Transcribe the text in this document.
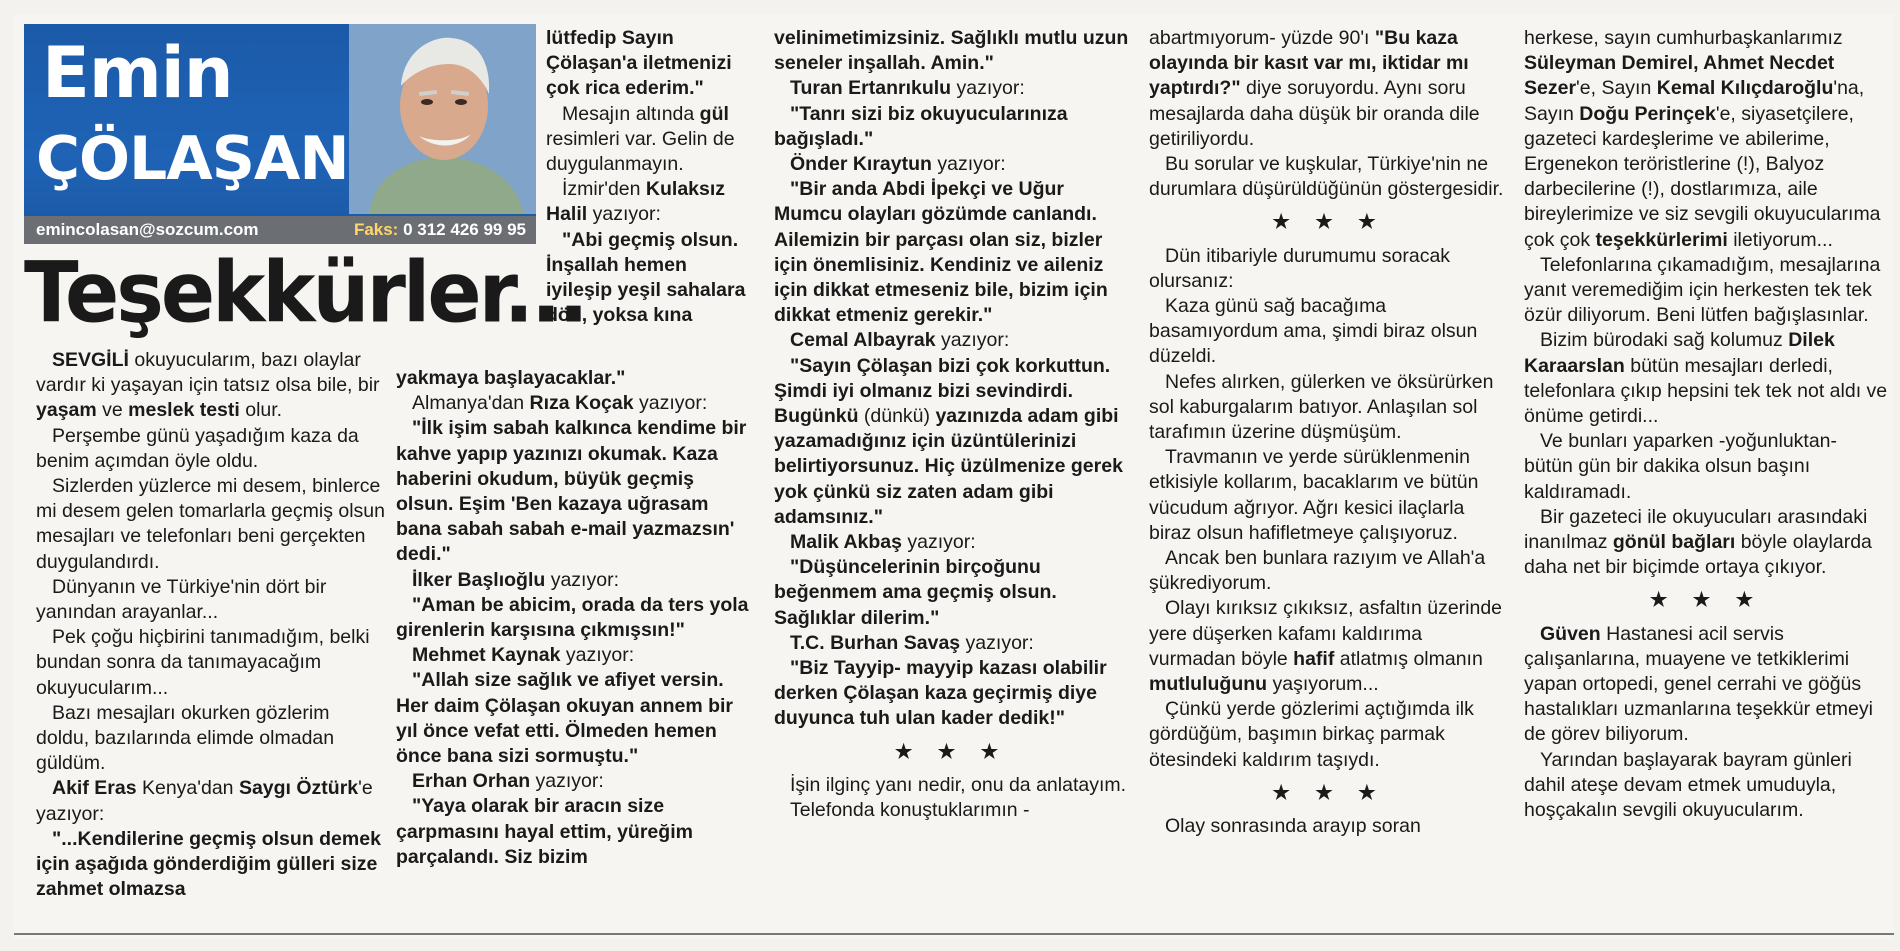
Emin
ÇÖLAŞAN
emincolasan@sozcum.com	Faks: 0 312 426 99 95
Teşekkürler...

SEVGİLİ okuyucularım, bazı olaylar vardır ki yaşayan için tatsız olsa bile, bir yaşam ve meslek testi olur.

Perşembe günü yaşadığım kaza da benim açımdan öyle oldu.

Sizlerden yüzlerce mi desem, binlerce mi desem gelen tomarlarla geçmiş olsun mesajları ve telefonları beni gerçekten duygulandırdı.

Dünyanın ve Türkiye'nin dört bir yanından arayanlar...

Pek çoğu hiçbirini tanımadığım, belki bundan sonra da tanımayacağım okuyucularım...

Bazı mesajları okurken gözlerim doldu, bazılarında elimde olmadan güldüm.

Akif Eras Kenya'dan Saygı Öztürk'e yazıyor:

"...Kendilerine geçmiş olsun demek için aşağıda gönderdiğim gülleri size zahmet olmazsa

lütfedip Sayın Çölaşan'a iletmenizi çok rica ederim."

Mesajın altında gül resimleri var. Gelin de duygulanmayın.

İzmir'den Kulaksız Halil yazıyor:

"Abi geçmiş olsun. İnşallah hemen iyileşip yeşil sahalara dön, yoksa kına

yakmaya başlayacaklar."

Almanya'dan Rıza Koçak yazıyor:

"İlk işim sabah kalkınca kendime bir kahve yapıp yazınızı okumak. Kaza haberini okudum, büyük geçmiş olsun. Eşim 'Ben kazaya uğrasam bana sabah sabah e-mail yazmazsın' dedi."

İlker Başlıoğlu yazıyor:

"Aman be abicim, orada da ters yola girenlerin karşısına çıkmışsın!"

Mehmet Kaynak yazıyor:

"Allah size sağlık ve afiyet versin. Her daim Çölaşan okuyan annem bir yıl önce vefat etti. Ölmeden hemen önce bana sizi sormuştu."

Erhan Orhan yazıyor:

"Yaya olarak bir aracın size çarpmasını hayal ettim, yüreğim parçalandı. Siz bizim

velinimetimizsiniz. Sağlıklı mutlu uzun seneler inşallah. Amin."

Turan Ertanrıkulu yazıyor:

"Tanrı sizi biz okuyucularınıza bağışladı."

Önder Kıraytun yazıyor:

"Bir anda Abdi İpekçi ve Uğur Mumcu olayları gözümde canlandı. Ailemizin bir parçası olan siz, bizler için önemlisiniz. Kendiniz ve aileniz için dikkat etmeseniz bile, bizim için dikkat etmeniz gerekir."

Cemal Albayrak yazıyor:

"Sayın Çölaşan bizi çok korkuttun. Şimdi iyi olmanız bizi sevindirdi. Bugünkü (dünkü) yazınızda adam gibi yazamadığınız için üzüntülerinizi belirtiyorsunuz. Hiç üzülmenize gerek yok çünkü siz zaten adam gibi adamsınız."

Malik Akbaş yazıyor:

"Düşüncelerinin birçoğunu beğenmem ama geçmiş olsun. Sağlıklar dilerim."

T.C. Burhan Savaş yazıyor:

"Biz Tayyip- mayyip kazası olabilir derken Çölaşan kaza geçirmiş diye duyunca tuh ulan kader dedik!"

★ ★ ★

İşin ilginç yanı nedir, onu da anlatayım.

Telefonda konuştuklarımın -

abartmıyorum- yüzde 90'ı "Bu kaza olayında bir kasıt var mı, iktidar mı yaptırdı?" diye soruyordu. Aynı soru mesajlarda daha düşük bir oranda dile getiriliyordu.

Bu sorular ve kuşkular, Türkiye'nin ne durumlara düşürüldüğünün göstergesidir.

★ ★ ★

Dün itibariyle durumumu soracak olursanız:

Kaza günü sağ bacağıma basamıyordum ama, şimdi biraz olsun düzeldi.

Nefes alırken, gülerken ve öksürürken sol kaburgalarım batıyor. Anlaşılan sol tarafımın üzerine düşmüşüm.

Travmanın ve yerde sürüklenmenin etkisiyle kollarım, bacaklarım ve bütün vücudum ağrıyor. Ağrı kesici ilaçlarla biraz olsun hafifletmeye çalışıyoruz.

Ancak ben bunlara razıyım ve Allah'a şükrediyorum.

Olayı kırıksız çıkıksız, asfaltın üzerinde yere düşerken kafamı kaldırıma vurmadan böyle hafif atlatmış olmanın mutluluğunu yaşıyorum...

Çünkü yerde gözlerimi açtığımda ilk gördüğüm, başımın birkaç parmak ötesindeki kaldırım taşıydı.

★ ★ ★

Olay sonrasında arayıp soran

herkese, sayın cumhurbaşkanlarımız Süleyman Demirel, Ahmet Necdet Sezer'e, Sayın Kemal Kılıçdaroğlu'na, Sayın Doğu Perinçek'e, siyasetçilere, gazeteci kardeşlerime ve abilerime, Ergenekon teröristlerine (!), Balyoz darbecilerine (!), dostlarımıza, aile bireylerimize ve siz sevgili okuyucularıma çok çok teşekkürlerimi iletiyorum...

Telefonlarına çıkamadığım, mesajlarına yanıt veremediğim için herkesten tek tek özür diliyorum. Beni lütfen bağışlasınlar.

Bizim bürodaki sağ kolumuz Dilek Karaarslan bütün mesajları derledi, telefonlara çıkıp hepsini tek tek not aldı ve önüme getirdi...

Ve bunları yaparken -yoğunluktan- bütün gün bir dakika olsun başını kaldıramadı.

Bir gazeteci ile okuyucuları arasındaki inanılmaz gönül bağları böyle olaylarda daha net bir biçimde ortaya çıkıyor.

★ ★ ★

Güven Hastanesi acil servis çalışanlarına, muayene ve tetkiklerimi yapan ortopedi, genel cerrahi ve göğüs hastalıkları uzmanlarına teşekkür etmeyi de görev biliyorum.

Yarından başlayarak bayram günleri dahil ateşe devam etmek umuduyla, hoşçakalın sevgili okuyucularım.
